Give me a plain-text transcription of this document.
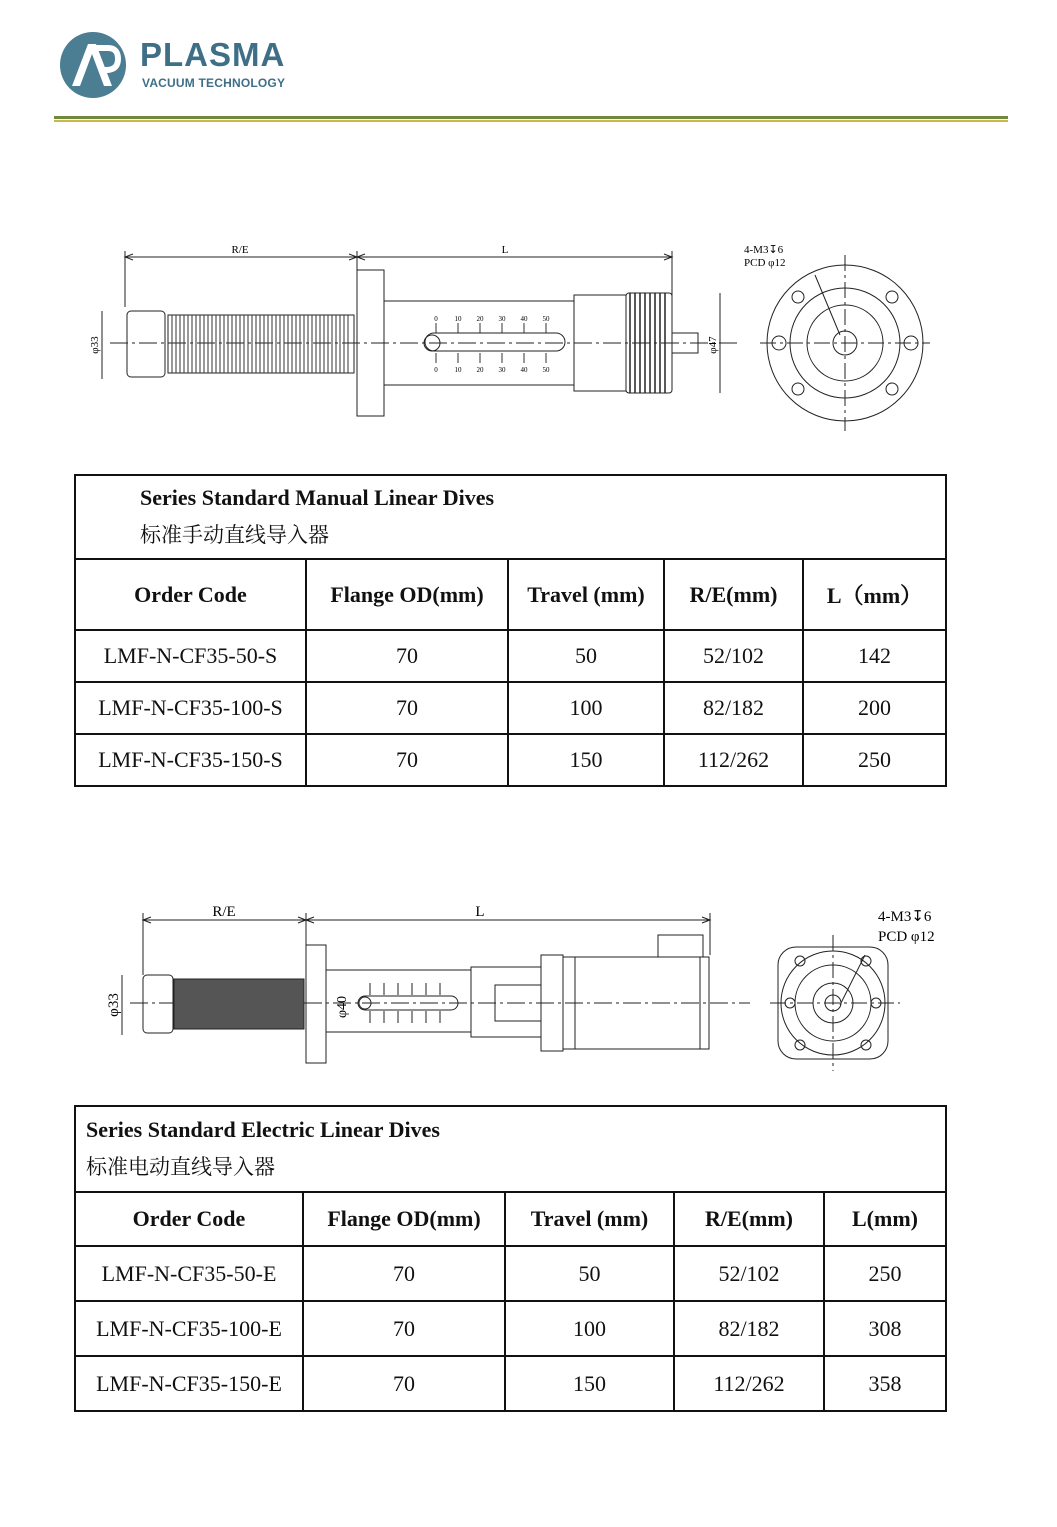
PLASMA
VACUUM TECHNOLOGY
R/E	L
φ33	φ47
4-M3↧6
PCD φ12
0 10 20 30 40 50
0 10 20 30 40 50
Series Standard Manual Linear Dives
标准手动直线导入器				

Order Code	Flange OD(mm)	Travel (mm)	R/E(mm)	L（mm）
LMF-N-CF35-50-S	70	50	52/102	142
LMF-N-CF35-100-S	70	100	82/182	200
LMF-N-CF35-150-S	70	150	112/262	250
R/E	L
φ33	φ40
4-M3↧6
PCD φ12
Series Standard Electric Linear Dives
标准电动直线导入器				

Order Code	Flange OD(mm)	Travel (mm)	R/E(mm)	L(mm)
LMF-N-CF35-50-E	70	50	52/102	250
LMF-N-CF35-100-E	70	100	82/182	308
LMF-N-CF35-150-E	70	150	112/262	358
